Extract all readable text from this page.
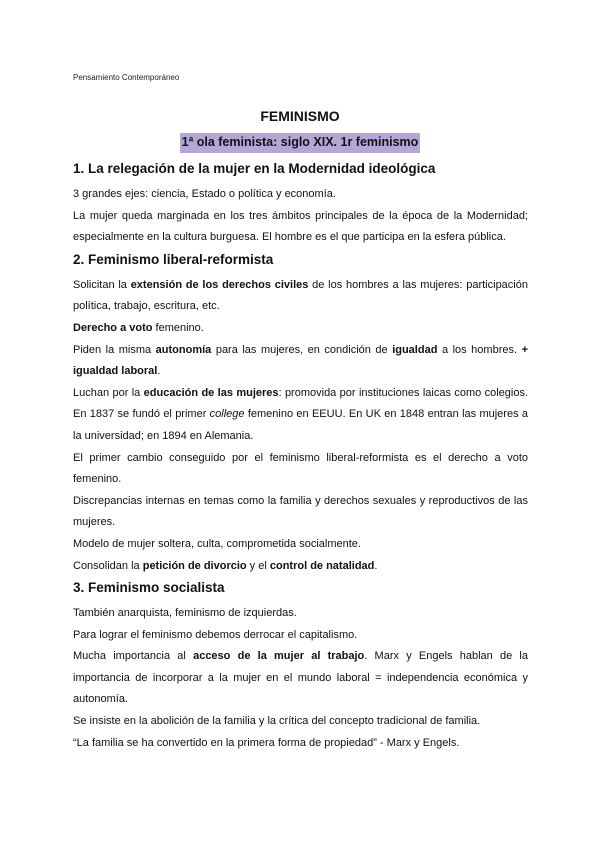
Pensamiento Contemporáneo
FEMINISMO
1ª ola feminista: siglo XIX. 1r feminismo
1. La relegación de la mujer en la Modernidad ideológica

3 grandes ejes: ciencia, Estado o política y economía.

La mujer queda marginada en los tres ámbitos principales de la época de la Modernidad; especialmente en la cultura burguesa. El hombre es el que participa en la esfera pública.

2. Feminismo liberal-reformista

Solicitan la extensión de los derechos civiles de los hombres a las mujeres: participación política, trabajo, escritura, etc.

Derecho a voto femenino.

Piden la misma autonomía para las mujeres, en condición de igualdad a los hombres. + igualdad laboral.

Luchan por la educación de las mujeres: promovida por instituciones laicas como colegios. En 1837 se fundó el primer college femenino en EEUU. En UK en 1848 entran las mujeres a la universidad; en 1894 en Alemania.

El primer cambio conseguido por el feminismo liberal-reformista es el derecho a voto femenino.

Discrepancias internas en temas como la familia y derechos sexuales y reproductivos de las mujeres.

Modelo de mujer soltera, culta, comprometida socialmente.

Consolidan la petición de divorcio y el control de natalidad.

3. Feminismo socialista

También anarquista, feminismo de izquierdas.

Para lograr el feminismo debemos derrocar el capitalismo.

Mucha importancia al acceso de la mujer al trabajo. Marx y Engels hablan de la importancia de incorporar a la mujer en el mundo laboral = independencia económica y autonomía.

Se insiste en la abolición de la familia y la crítica del concepto tradicional de familia.

“La familia se ha convertido en la primera forma de propiedad” - Marx y Engels.
